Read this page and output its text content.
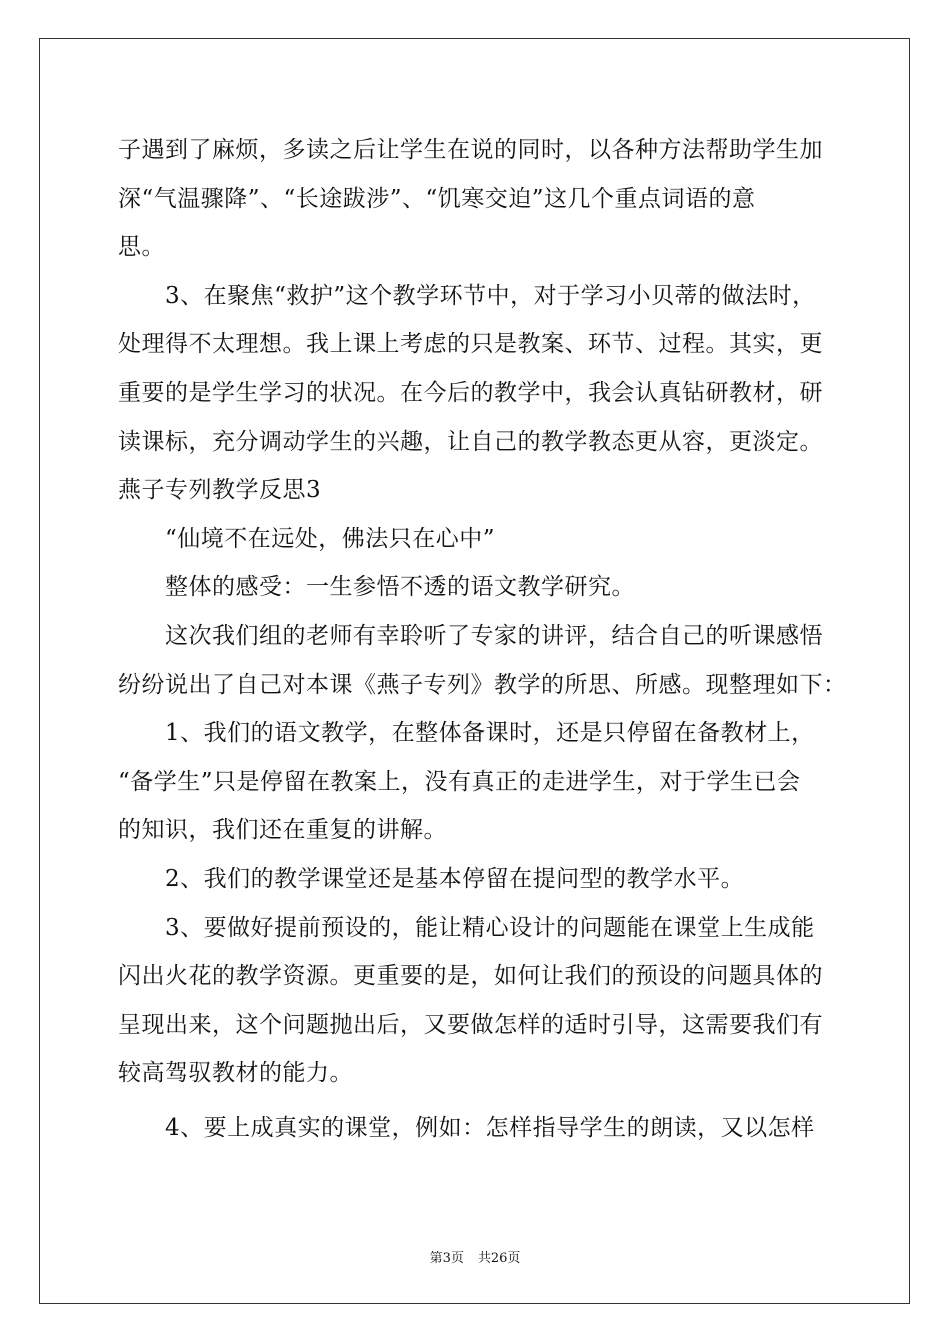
子遇到了麻烦，多读之后让学生在说的同时，以各种方法帮助学生加
深“气温骤降”、“长途跋涉”、“饥寒交迫”这几个重点词语的意
思。
　　3、在聚焦“救护”这个教学环节中，对于学习小贝蒂的做法时，
处理得不太理想。我上课上考虑的只是教案、环节、过程。其实，更
重要的是学生学习的状况。在今后的教学中，我会认真钻研教材，研
读课标，充分调动学生的兴趣，让自己的教学教态更从容，更淡定。
燕子专列教学反思3
　　“仙境不在远处，佛法只在心中”
　　整体的感受：一生参悟不透的语文教学研究。
　　这次我们组的老师有幸聆听了专家的讲评，结合自己的听课感悟
纷纷说出了自己对本课《燕子专列》教学的所思、所感。现整理如下：
　　1、我们的语文教学，在整体备课时，还是只停留在备教材上，
“备学生”只是停留在教案上，没有真正的走进学生，对于学生已会
的知识，我们还在重复的讲解。
　　2、我们的教学课堂还是基本停留在提问型的教学水平。
　　3、要做好提前预设的，能让精心设计的问题能在课堂上生成能
闪出火花的教学资源。更重要的是，如何让我们的预设的问题具体的
呈现出来，这个问题抛出后，又要做怎样的适时引导，这需要我们有
较高驾驭教材的能力。
　　4、要上成真实的课堂，例如：怎样指导学生的朗读，又以怎样
第3页 共26页
